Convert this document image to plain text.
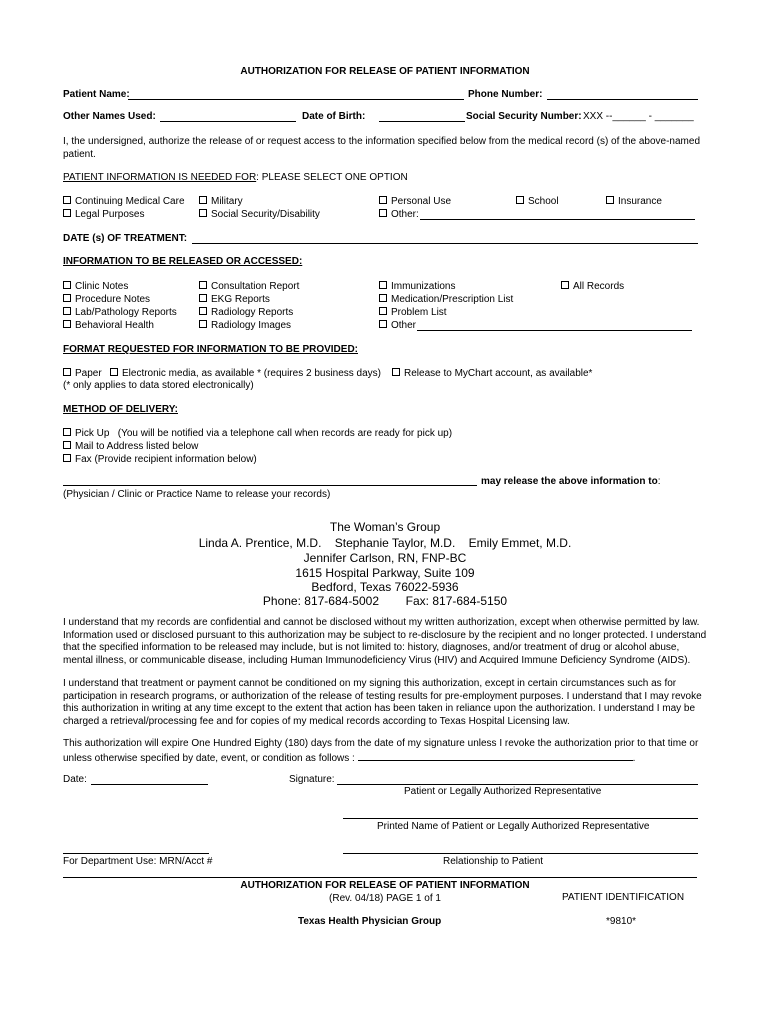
AUTHORIZATION FOR RELEASE OF PATIENT INFORMATION
Patient Name:	Phone Number:
Other Names Used:	Date of Birth:	Social Security Number: XXX --______ - _______
I, the undersigned, authorize the release of or request access to the information specified below from the medical record (s) of the above-named patient.
PATIENT INFORMATION IS NEEDED FOR: PLEASE SELECT ONE OPTION
Continuing Medical Care
Legal Purposes
Military
Social Security/Disability
Personal Use
Other:
School	Insurance
DATE (s) OF TREATMENT:
INFORMATION TO BE RELEASED OR ACCESSED:
Clinic Notes
Procedure Notes
Lab/Pathology Reports
Behavioral Health
Consultation Report
EKG Reports
Radiology Reports
Radiology Images
Immunizations
Medication/Prescription List
Problem List
Other
All Records
FORMAT REQUESTED FOR INFORMATION TO BE PROVIDED:
Paper	Electronic media, as available * (requires 2 business days)	Release to MyChart account, as available*
(* only applies to data stored electronically)
METHOD OF DELIVERY:
Pick Up   (You will be notified via a telephone call when records are ready for pick up)
Mail to Address listed below
Fax (Provide recipient information below)
may release the above information to:
(Physician / Clinic or Practice Name to release your records)
The Woman’s Group
Linda A. Prentice, M.D.    Stephanie Taylor, M.D.    Emily Emmet, M.D.
Jennifer Carlson, RN, FNP-BC
1615 Hospital Parkway, Suite 109
Bedford, Texas 76022-5936
Phone: 817-684-5002        Fax: 817-684-5150
I understand that my records are confidential and cannot be disclosed without my written authorization, except when otherwise permitted by law. Information used or disclosed pursuant to this authorization may be subject to re-disclosure by the recipient and no longer protected. I understand that the specified information to be released may include, but is not limited to: history, diagnoses, and/or treatment of drug or alcohol abuse, mental illness, or communicable disease, including Human Immunodeficiency Virus (HIV) and Acquired Immune Deficiency Syndrome (AIDS).
I understand that treatment or payment cannot be conditioned on my signing this authorization, except in certain circumstances such as for participation in research programs, or authorization of the release of testing results for pre-employment purposes. I understand that I may revoke this authorization in writing at any time except to the extent that action has been taken in reliance upon the authorization. I understand I may be charged a retrieval/processing fee and for copies of my medical records according to Texas Hospital Licensing law.
This authorization will expire One Hundred Eighty (180) days from the date of my signature unless I revoke the authorization prior to that time or unless otherwise specified by date, event, or condition as follows :	.
Date:	Signature:
Patient or Legally Authorized Representative
Printed Name of Patient or Legally Authorized Representative
For Department Use: MRN/Acct #	Relationship to Patient
AUTHORIZATION FOR RELEASE OF PATIENT INFORMATION
(Rev. 04/18) PAGE 1 of 1	PATIENT IDENTIFICATION
Texas Health Physician Group	*9810*
